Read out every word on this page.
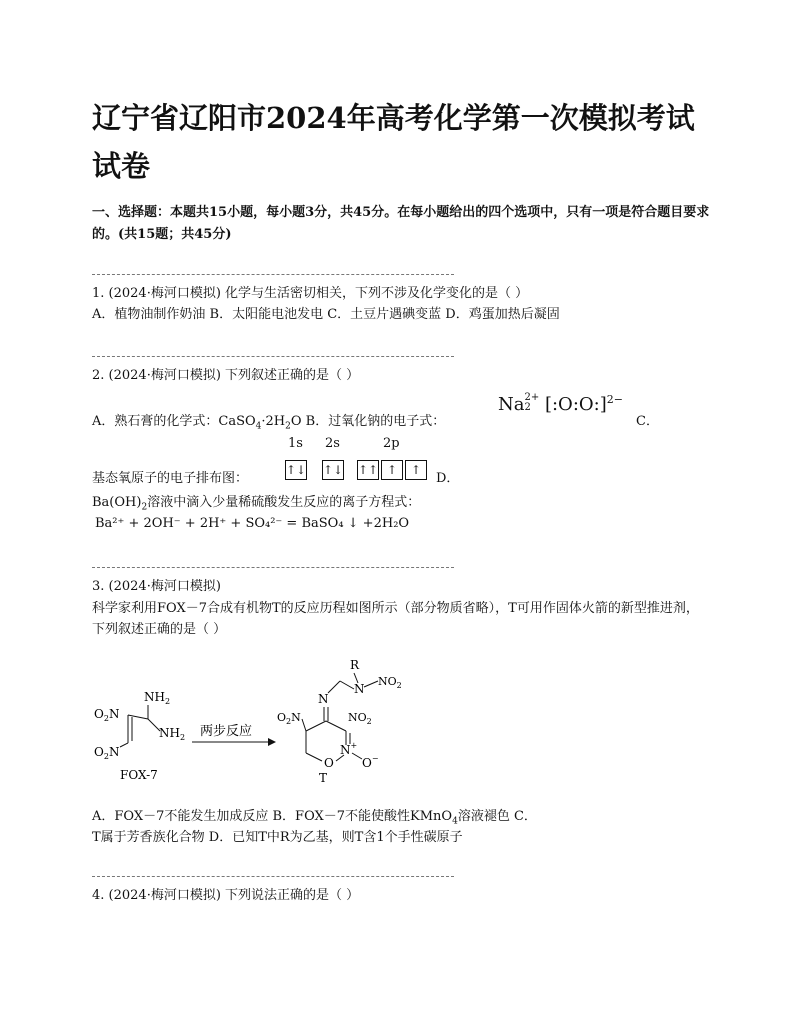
辽宁省辽阳市2024年高考化学第一次模拟考试试卷
一、选择题：本题共15小题，每小题3分，共45分。在每小题给出的四个选项中，只有一项是符合题目要求的。(共15题；共45分)
1. (2024·梅河口模拟) 化学与生活密切相关，下列不涉及化学变化的是（ ）
A．植物油制作奶油 B．太阳能电池发电 C．土豆片遇碘变蓝 D．鸡蛋加热后凝固
2. (2024·梅河口模拟) 下列叙述正确的是（ ）
A．熟石膏的化学式：$CaSO_4\cdot 2H_2O$ B．过氧化钠的电子式：
Na 2+
2 [:O:O:]$^{2-}$
C．
1s 2s	2p
基态氧原子的电子排布图：
↑↓ ↑↓ ↑↑ ↑	↑
D．
$Ba(OH)_2$溶液中滴入少量稀硫酸发生反应的离子方程式：
Ba²⁺ + 2OH⁻ + 2H⁺ + SO₄²⁻ = BaSO₄ ↓ +2H₂O
3. (2024·梅河口模拟)
科学家利用FOX－7合成有机物T的反应历程如图所示（部分物质省略），T可用作固体火箭的新型推进剂，下列叙述正确的是（ ）
$NH_2$
$O_2N$
$NH_2$
$O_2N$
FOX-7
两步反应
R
N
$NO_2$
N
$O_2N$	$NO_2$
N+
O O−
T
A．FOX－7不能发生加成反应 B．FOX－7不能使酸性KMnO$_4$溶液褪色 C．
T属于芳香族化合物 D．已知T中R为乙基，则T含1个手性碳原子
4. (2024·梅河口模拟) 下列说法正确的是（ ）
